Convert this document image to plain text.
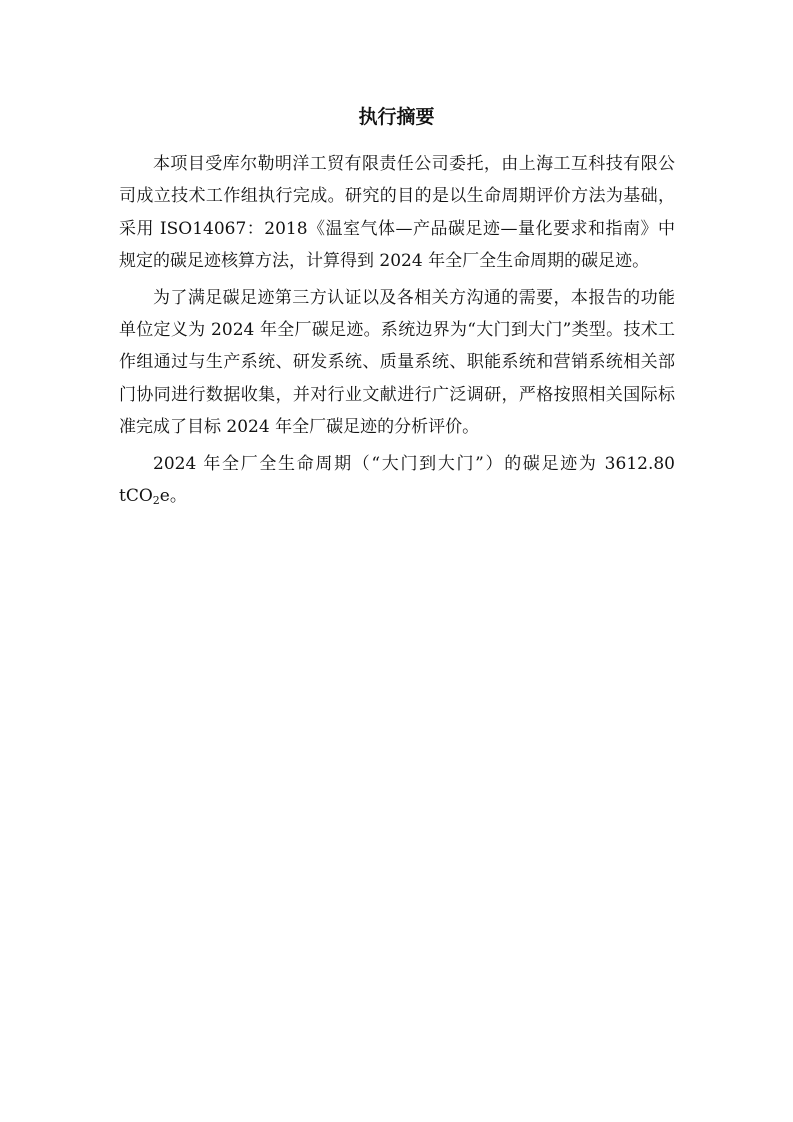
执行摘要

本项目受库尔勒明洋工贸有限责任公司委托，由上海工互科技有限公司成立技术工作组执行完成。研究的目的是以生命周期评价方法为基础，采用 ISO14067：2018《温室气体—产品碳足迹—量化要求和指南》中规定的碳足迹核算方法，计算得到 2024 年全厂全生命周期的碳足迹。

为了满足碳足迹第三方认证以及各相关方沟通的需要，本报告的功能单位定义为 2024 年全厂碳足迹。系统边界为“大门到大门”类型。技术工作组通过与生产系统、研发系统、质量系统、职能系统和营销系统相关部门协同进行数据收集，并对行业文献进行广泛调研，严格按照相关国际标准完成了目标 2024 年全厂碳足迹的分析评价。

2024 年全厂全生命周期（“大门到大门”）的碳足迹为 3612.80 tCO$_2$e。
